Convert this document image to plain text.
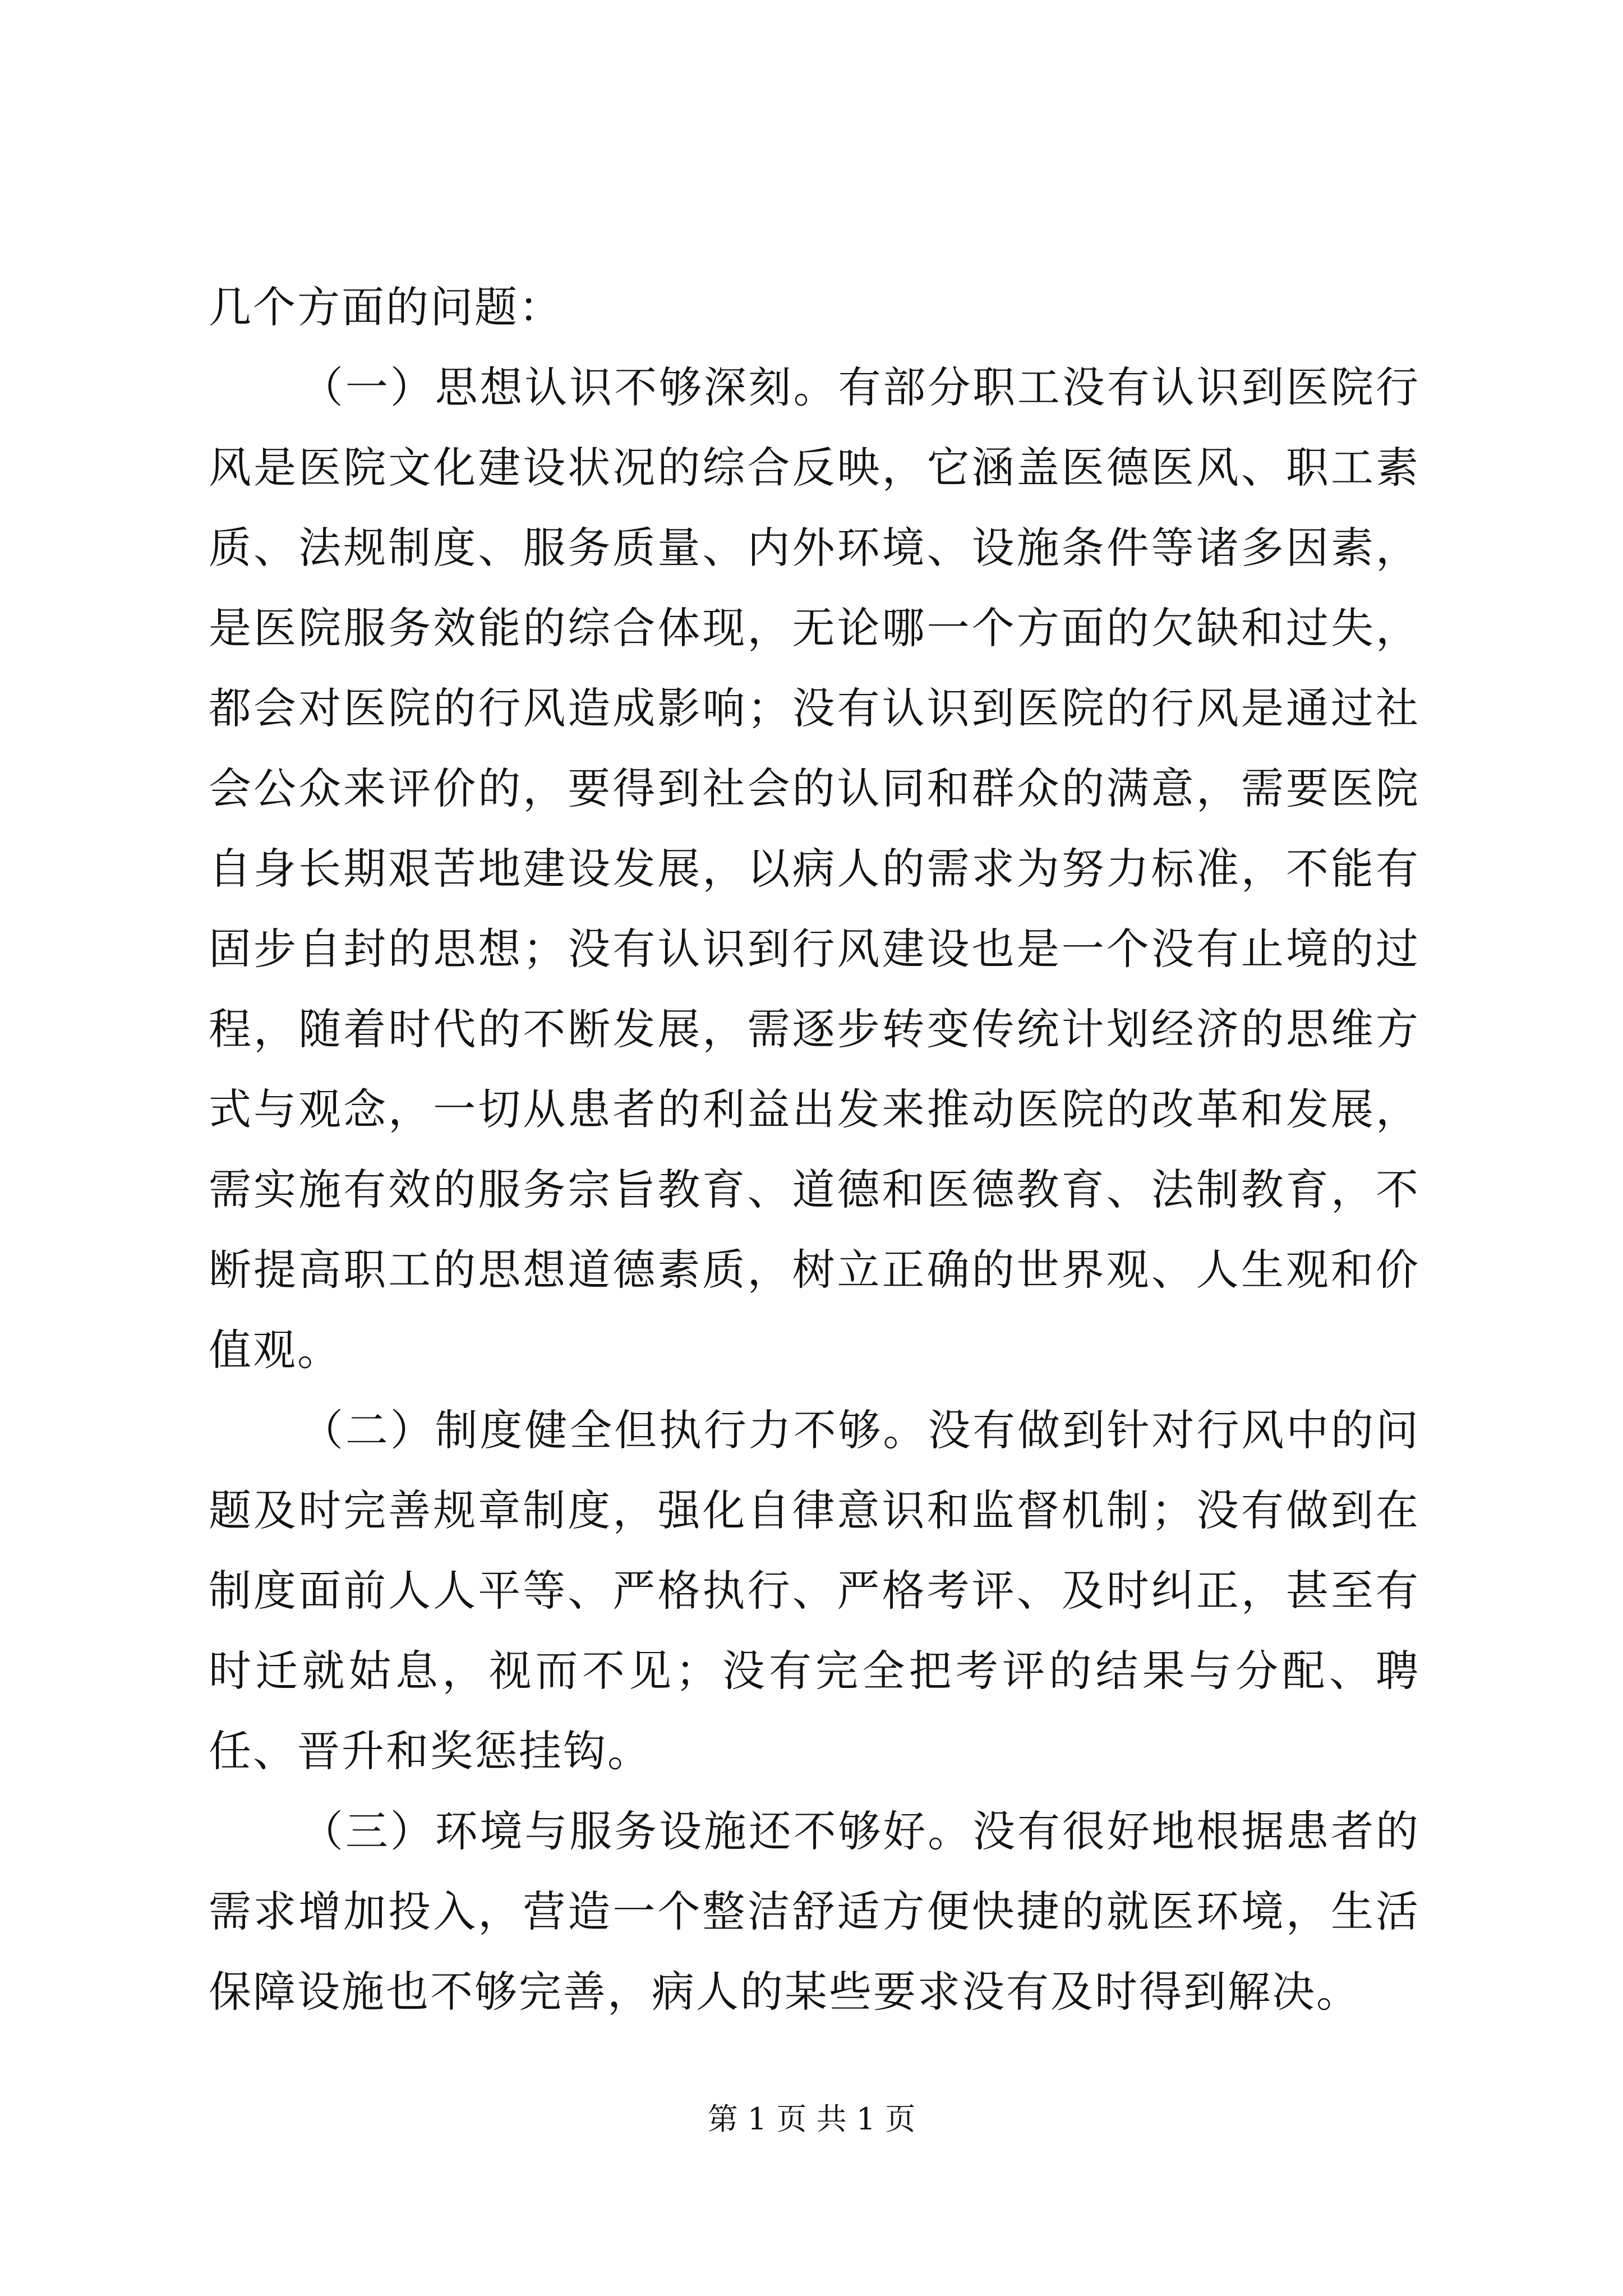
几个方面的问题：

（一）思想认识不够深刻。有部分职工没有认识到医院行风是医院文化建设状况的综合反映，它涵盖医德医风、职工素质、法规制度、服务质量、内外环境、设施条件等诸多因素，是医院服务效能的综合体现，无论哪一个方面的欠缺和过失，都会对医院的行风造成影响；没有认识到医院的行风是通过社会公众来评价的，要得到社会的认同和群众的满意，需要医院自身长期艰苦地建设发展，以病人的需求为努力标准，不能有固步自封的思想；没有认识到行风建设也是一个没有止境的过程，随着时代的不断发展，需逐步转变传统计划经济的思维方式与观念，一切从患者的利益出发来推动医院的改革和发展，需实施有效的服务宗旨教育、道德和医德教育、法制教育，不断提高职工的思想道德素质，树立正确的世界观、人生观和价值观。

（二）制度健全但执行力不够。没有做到针对行风中的问题及时完善规章制度，强化自律意识和监督机制；没有做到在制度面前人人平等、严格执行、严格考评、及时纠正，甚至有时迁就姑息，视而不见；没有完全把考评的结果与分配、聘任、晋升和奖惩挂钩。

（三）环境与服务设施还不够好。没有很好地根据患者的需求增加投入，营造一个整洁舒适方便快捷的就医环境，生活保障设施也不够完善，病人的某些要求没有及时得到解决。

第 1 页 共 1 页
